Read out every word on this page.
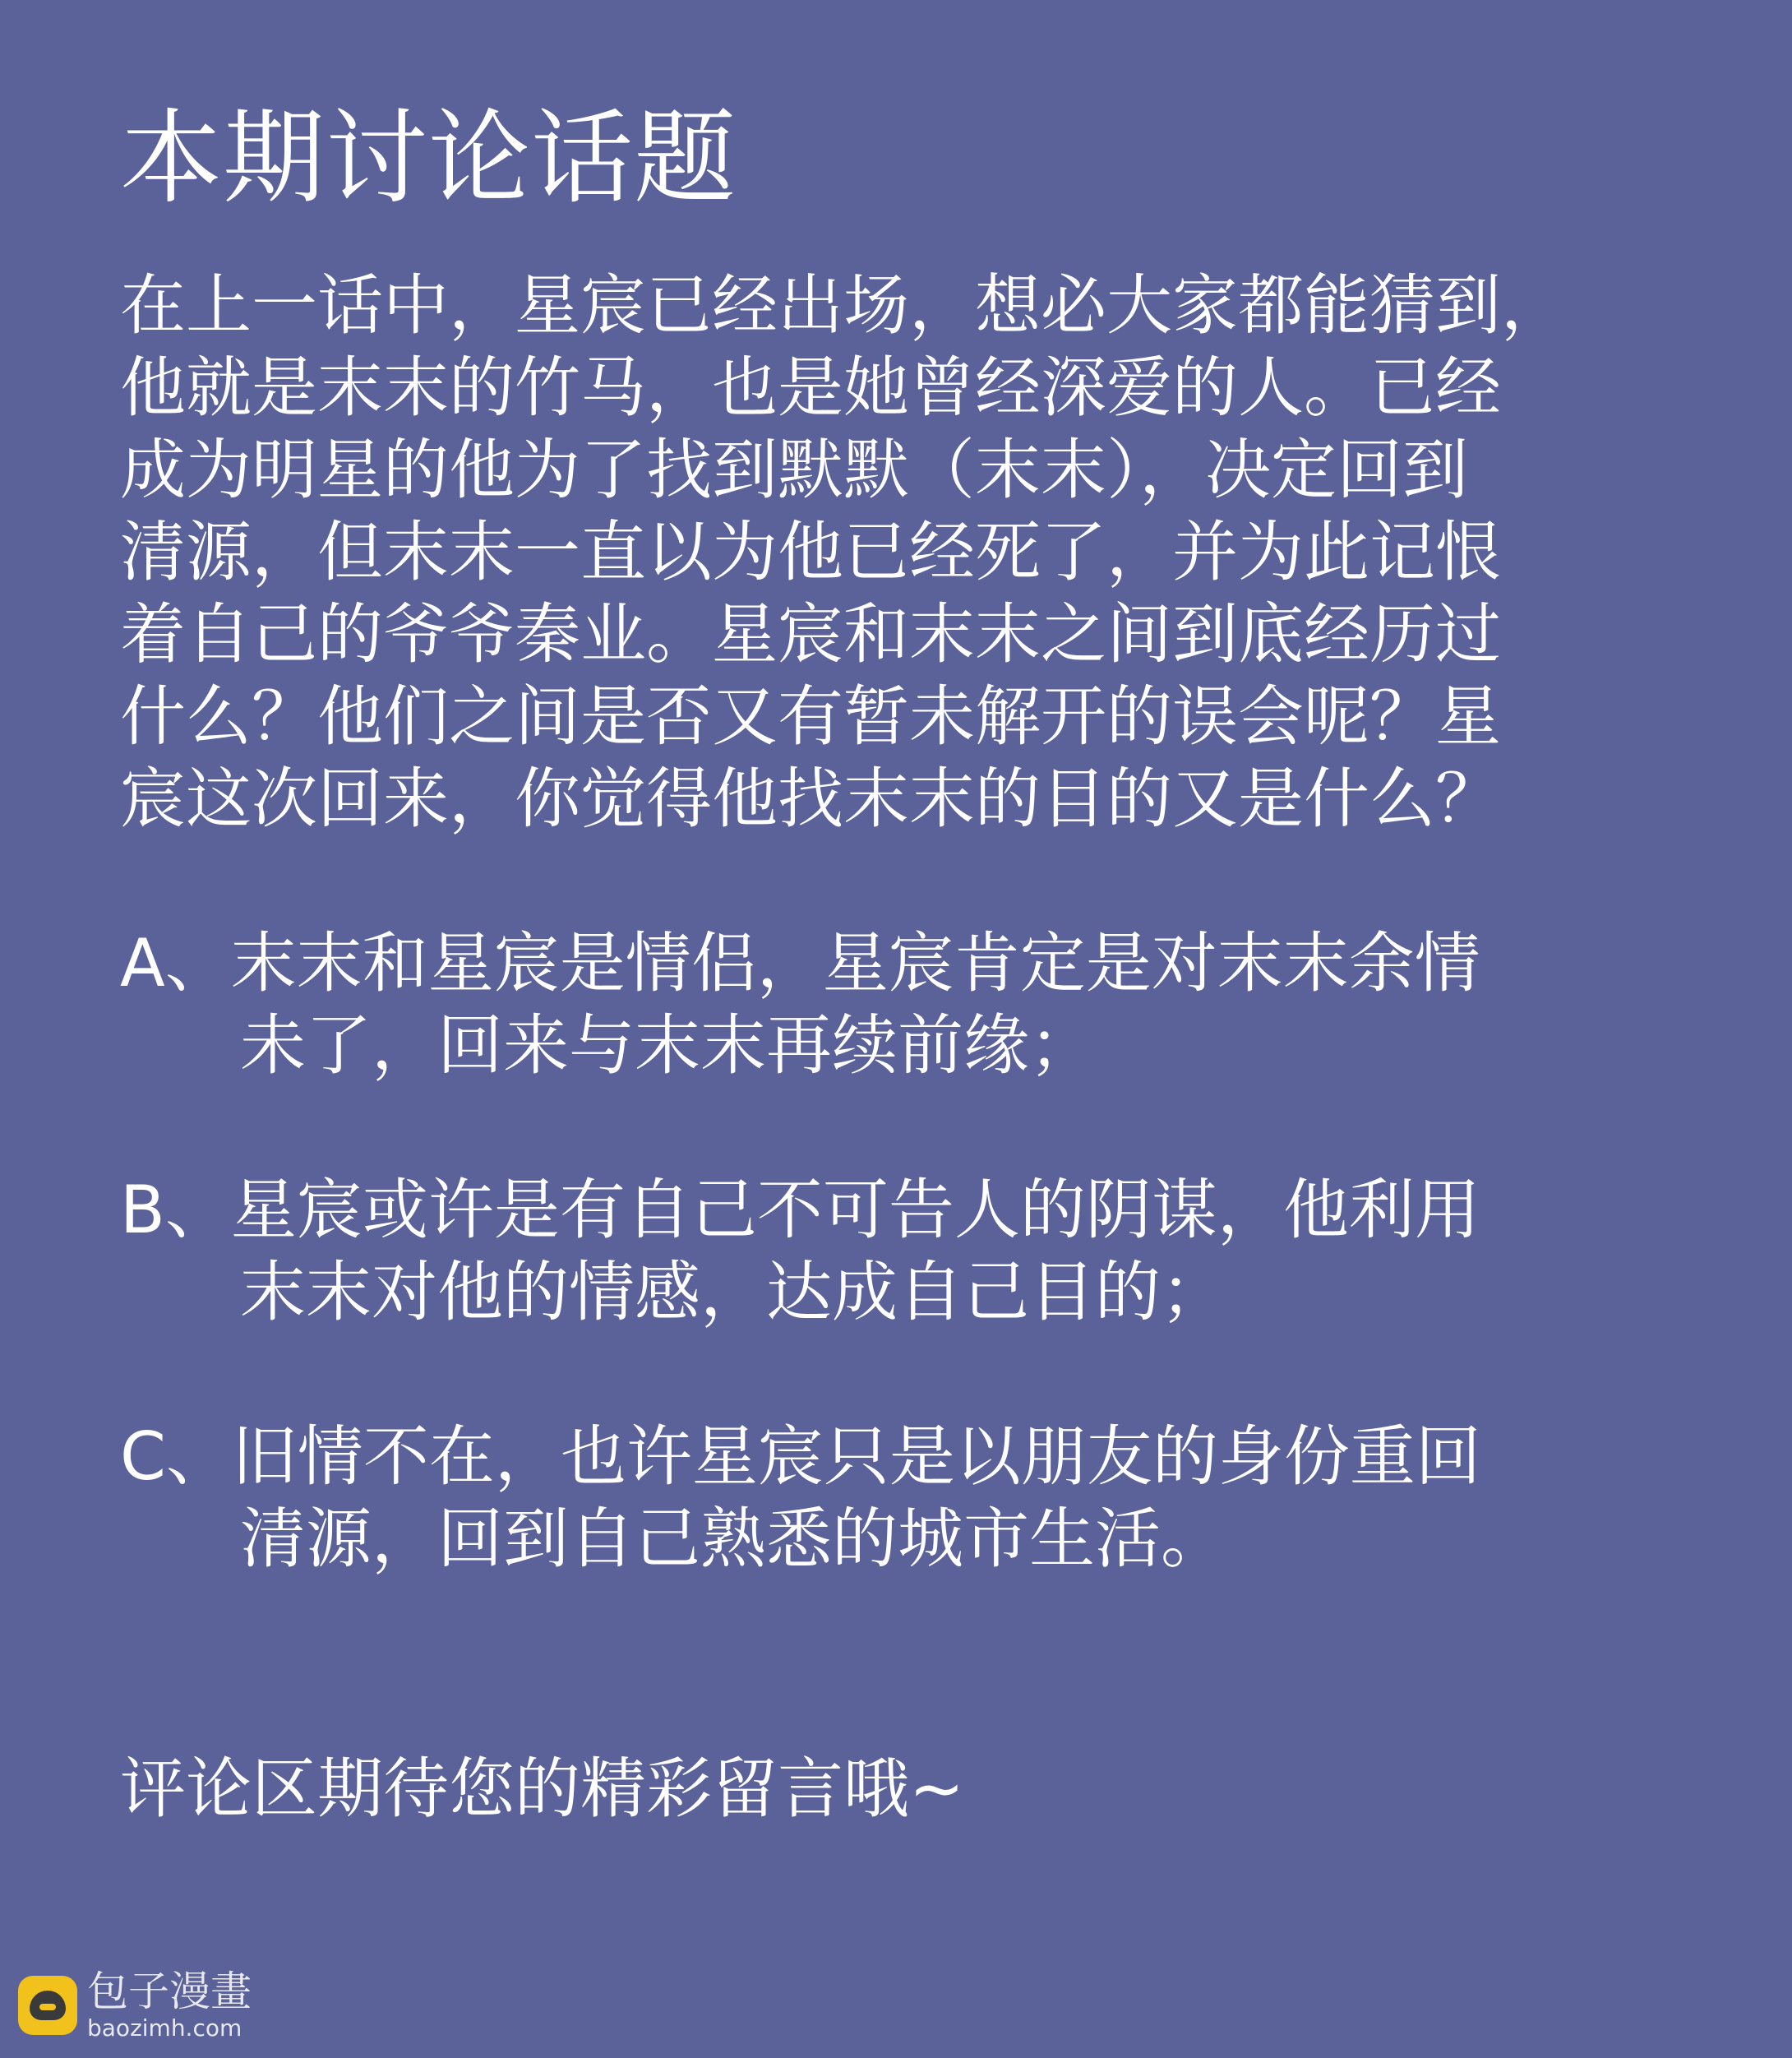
本期讨论话题
在上一话中，星宸已经出场，想必大家都能猜到，
他就是末末的竹马，也是她曾经深爱的人。已经
成为明星的他为了找到默默（末末），决定回到
清源，但末末一直以为他已经死了，并为此记恨
着自己的爷爷秦业。星宸和末末之间到底经历过
什么？他们之间是否又有暂未解开的误会呢？星
宸这次回来，你觉得他找末末的目的又是什么？
A、末末和星宸是情侣，星宸肯定是对末末余情
未了，回来与末末再续前缘；
B、星宸或许是有自己不可告人的阴谋，他利用
末末对他的情感，达成自己目的；
C、旧情不在，也许星宸只是以朋友的身份重回
清源，回到自己熟悉的城市生活。
评论区期待您的精彩留言哦~
包子漫畫
baozimh.com
